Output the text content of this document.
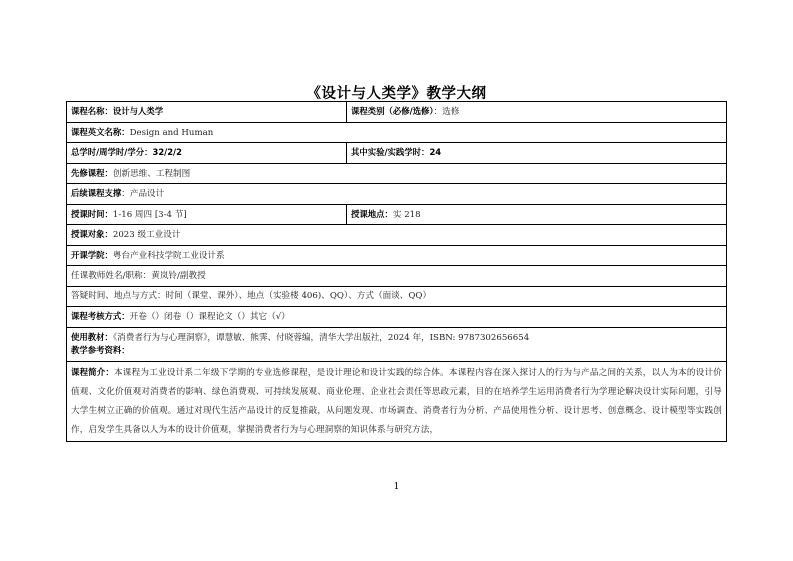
《设计与人类学》教学大纲
课程名称：设计与人类学	课程类别（必修/选修）：选修
课程英文名称：Design and Human	
总学时/周学时/学分：32/2/2	其中实验/实践学时：24
先修课程：创新思维、工程制图	
后续课程支撑：产品设计	
授课时间：1-16 周四 [3-4 节]	授课地点：实 218
授课对象：2023 级工业设计	
开课学院：粤台产业科技学院工业设计系	
任课教师姓名/职称：黄岚铃/副教授	
答疑时间、地点与方式：时间（课堂、课外）、地点（实验楼 406)、QQ）、方式（面谈、QQ）	
课程考核方式：开卷（）闭卷（）课程论文（）其它（√）	

使用教材：《消费者行为与心理洞察》，谭慧敏、熊霁、付晓蓉编，清华大学出版社，2024 年，ISBN: 9787302656654
教学参考资料：	

课程简介：本课程为工业设计系二年级下学期的专业选修课程，是设计理论和设计实践的综合体。本课程内容在深入探讨人的行为与产品之间的关系，以人为本的设计价值观、文化价值观对消费者的影响、绿色消费观、可持续发展观、商业伦理、企业社会责任等思政元素，目的在培养学生运用消费者行为学理论解决设计实际问题，引导大学生树立正确的价值观。通过对现代生活产品设计的反复推敲，从问题发现、市场调查、消费者行为分析、产品使用性分析、设计思考、创意概念、设计模型等实践创作，启发学生具备以人为本的设计价值观，掌握消费者行为与心理洞察的知识体系与研究方法，	
1
